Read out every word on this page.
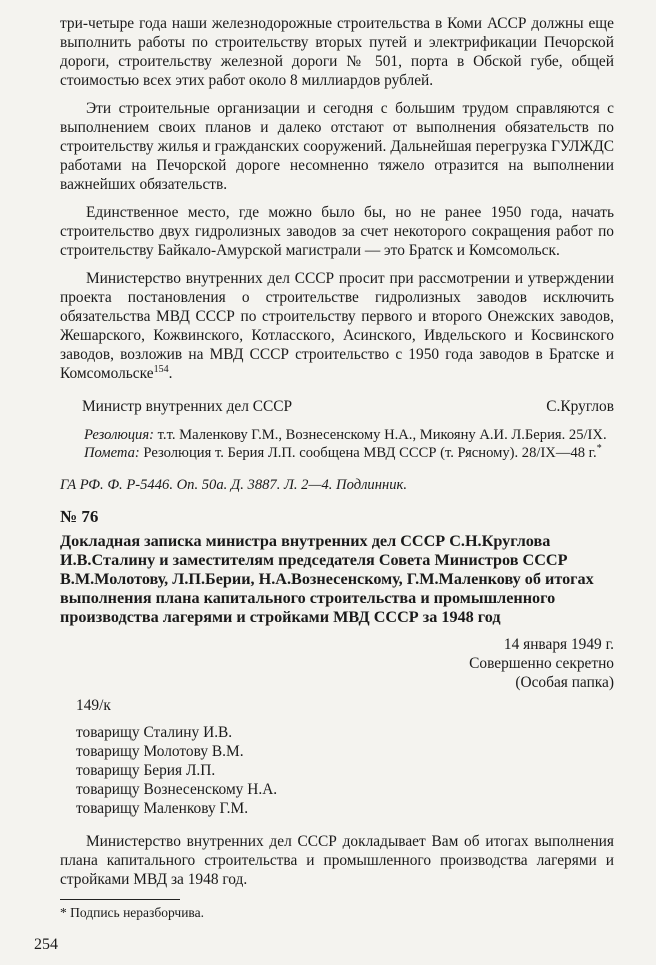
три-четыре года наши железнодорожные строительства в Коми АССР должны еще выполнить работы по строительству вторых путей и электрификации Печорской дороги, строительству железной дороги № 501, порта в Обской губе, общей стоимостью всех этих работ около 8 миллиардов рублей.

Эти строительные организации и сегодня с большим трудом справляются с выполнением своих планов и далеко отстают от выполнения обязательств по строительству жилья и гражданских сооружений. Дальнейшая перегрузка ГУЛЖДС работами на Печорской дороге несомненно тяжело отразится на выполнении важнейших обязательств.

Единственное место, где можно было бы, но не ранее 1950 года, начать строительство двух гидролизных заводов за счет некоторого сокращения работ по строительству Байкало-Амурской магистрали — это Братск и Комсомольск.

Министерство внутренних дел СССР просит при рассмотрении и утверждении проекта постановления о строительстве гидролизных заводов исключить обязательства МВД СССР по строительству первого и второго Онежских заводов, Жешарского, Кожвинского, Котласского, Асинского, Ивдельского и Косвинского заводов, возложив на МВД СССР строительство с 1950 года заводов в Братске и Комсомольске$^{154}$.

Министр внутренних дел СССР	С.Круглов

Резолюция: т.т. Маленкову Г.М., Вознесенскому Н.А., Микояну А.И. Л.Берия. 25/IX.

Помета: Резолюция т. Берия Л.П. сообщена МВД СССР (т. Рясному). 28/IX—48 г.*

ГА РФ. Ф. Р-5446. Оп. 50а. Д. 3887. Л. 2—4. Подлинник.

№ 76

Докладная записка министра внутренних дел СССР С.Н.Круглова И.В.Сталину и заместителям председателя Совета Министров СССР В.М.Молотову, Л.П.Берии, Н.А.Вознесенскому, Г.М.Маленкову об итогах выполнения плана капитального строительства и промышленного производства лагерями и стройками МВД СССР за 1948 год

14 января 1949 г.

Совершенно секретно

(Особая папка)

149/к

товарищу Сталину И.В.

товарищу Молотову В.М.

товарищу Берия Л.П.

товарищу Вознесенскому Н.А.

товарищу Маленкову Г.М.

Министерство внутренних дел СССР докладывает Вам об итогах выполнения плана капитального строительства и промышленного производства лагерями и стройками МВД за 1948 год.

* Подпись неразборчива.

254
